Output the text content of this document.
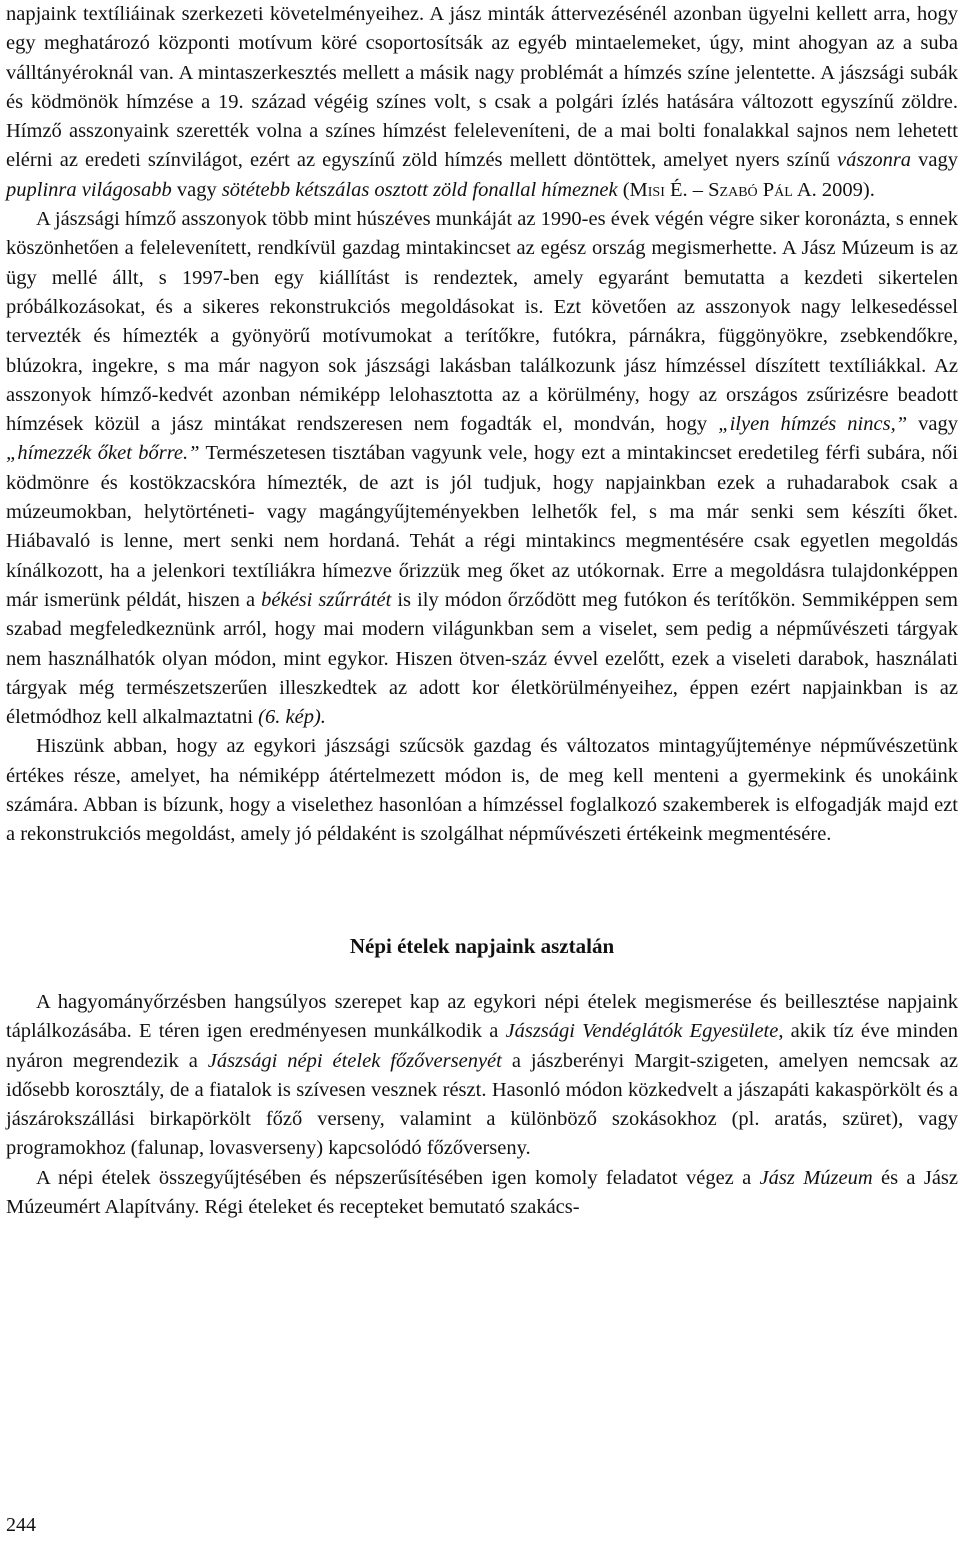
napjaink textíliáinak szerkezeti követelményeihez. A jász minták áttervezésénél azonban ügyelni kellett arra, hogy egy meghatározó központi motívum köré csoportosítsák az egyéb mintaelemeket, úgy, mint ahogyan az a suba válltányéroknál van. A mintaszerkesztés mellett a másik nagy problémát a hímzés színe jelentette. A jászsági subák és ködmönök hímzése a 19. század végéig színes volt, s csak a polgári ízlés hatására változott egyszínű zöldre. Hímző asszonyaink szerették volna a színes hímzést feleleveníteni, de a mai bolti fonalakkal sajnos nem lehetett elérni az eredeti színvilágot, ezért az egyszínű zöld hímzés mellett döntöttek, amelyet nyers színű vászonra vagy puplinra világosabb vagy sötétebb kétszálas osztott zöld fonallal hímeznek (Misi É. – Szabó Pál A. 2009).

A jászsági hímző asszonyok több mint húszéves munkáját az 1990-es évek végén végre siker koronázta, s ennek köszönhetően a felelevenített, rendkívül gazdag mintakincset az egész ország megismerhette. A Jász Múzeum is az ügy mellé állt, s 1997-ben egy kiállítást is rendeztek, amely egyaránt bemutatta a kezdeti sikertelen próbálkozásokat, és a sikeres rekonstrukciós megoldásokat is. Ezt követően az asszonyok nagy lelkesedéssel tervezték és hímezték a gyönyörű motívumokat a terítőkre, futókra, párnákra, függönyökre, zsebkendőkre, blúzokra, ingekre, s ma már nagyon sok jászsági lakásban találkozunk jász hímzéssel díszített textíliákkal. Az asszonyok hímző-kedvét azonban némiképp lelohasztotta az a körülmény, hogy az országos zsűrizésre beadott hímzések közül a jász mintákat rendszeresen nem fogadták el, mondván, hogy „ilyen hímzés nincs,” vagy „hímezzék őket bőrre.” Természetesen tisztában vagyunk vele, hogy ezt a mintakincset eredetileg férfi subára, női ködmönre és kostökzacskóra hímezték, de azt is jól tudjuk, hogy napjainkban ezek a ruhadarabok csak a múzeumokban, helytörténeti- vagy magángyűjteményekben lelhetők fel, s ma már senki sem készíti őket. Hiábavaló is lenne, mert senki nem hordaná. Tehát a régi mintakincs megmentésére csak egyetlen megoldás kínálkozott, ha a jelenkori textíliákra hímezve őrizzük meg őket az utókornak. Erre a megoldásra tulajdonképpen már ismerünk példát, hiszen a békési szűrrátét is ily módon őrződött meg futókon és terítőkön. Semmiképpen sem szabad megfeledkeznünk arról, hogy mai modern világunkban sem a viselet, sem pedig a népművészeti tárgyak nem használhatók olyan módon, mint egykor. Hiszen ötven-száz évvel ezelőtt, ezek a viseleti darabok, használati tárgyak még természetszerűen illeszkedtek az adott kor életkörülményeihez, éppen ezért napjainkban is az életmódhoz kell alkalmaztatni (6. kép).

Hiszünk abban, hogy az egykori jászsági szűcsök gazdag és változatos mintagyűjteménye népművészetünk értékes része, amelyet, ha némiképp átértelmezett módon is, de meg kell menteni a gyermekink és unokáink számára. Abban is bízunk, hogy a viselethez hasonlóan a hímzéssel foglalkozó szakemberek is elfogadják majd ezt a rekonstrukciós megoldást, amely jó példaként is szolgálhat népművészeti értékeink megmentésére.

Népi ételek napjaink asztalán

A hagyományőrzésben hangsúlyos szerepet kap az egykori népi ételek megismerése és beillesztése napjaink táplálkozásába. E téren igen eredményesen munkálkodik a Jászsági Vendéglátók Egyesülete, akik tíz éve minden nyáron megrendezik a Jászsági népi ételek főzőversenyét a jászberényi Margit-szigeten, amelyen nemcsak az idősebb korosztály, de a fiatalok is szívesen vesznek részt. Hasonló módon közkedvelt a jászapáti kakaspörkölt és a jászárokszállási birkapörkölt főző verseny, valamint a különböző szokásokhoz (pl. aratás, szüret), vagy programokhoz (falunap, lovasverseny) kapcsolódó főzőverseny.

A népi ételek összegyűjtésében és népszerűsítésében igen komoly feladatot végez a Jász Múzeum és a Jász Múzeumért Alapítvány. Régi ételeket és recepteket bemutató szakács-

244
